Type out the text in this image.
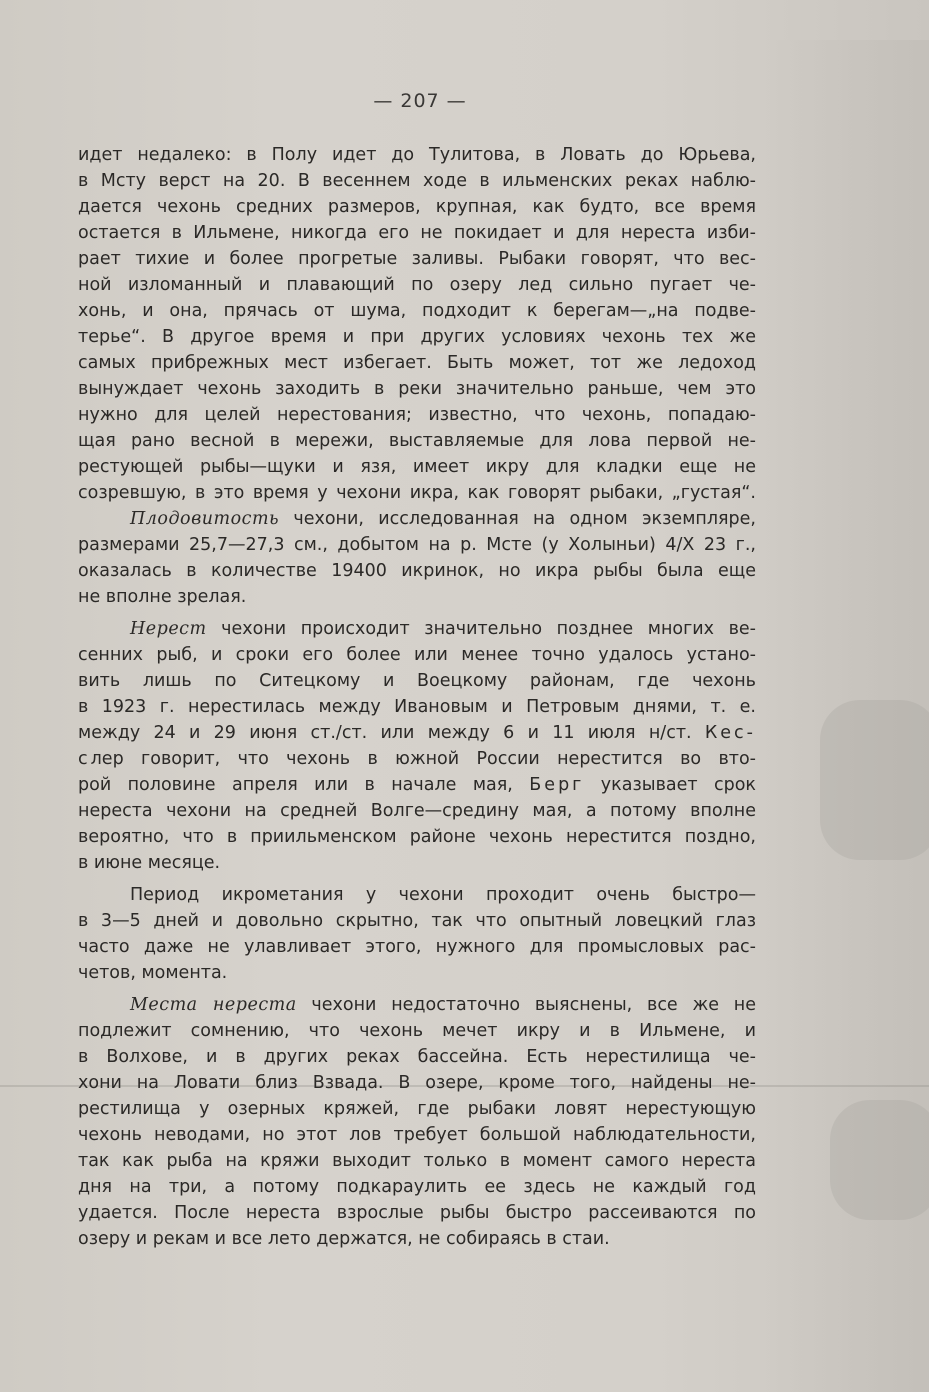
— 207 —
идет недалеко: в Полу идет до Тулитова, в Ловать до Юрьева,
в Мсту верст на 20. В весеннем ходе в ильменских реках наблю-
дается чехонь средних размеров, крупная, как будто, все время
остается в Ильмене, никогда его не покидает и для нереста изби-
рает тихие и более прогретые заливы. Рыбаки говорят, что вес-
ной изломанный и плавающий по озеру лед сильно пугает че-
хонь, и она, прячась от шума, подходит к берегам—„на подве-
терье“. В другое время и при других условиях чехонь тех же
самых прибрежных мест избегает. Быть может, тот же ледоход
вынуждает чехонь заходить в реки значительно раньше, чем это
нужно для целей нерестования; известно, что чехонь, попадаю-
щая рано весной в мережи, выставляемые для лова первой не-
рестующей рыбы—щуки и язя, имеет икру для кладки еще не
созревшую, в это время у чехони икра, как говорят рыбаки, „густая“.
Плодовитость чехони, исследованная на одном экземпляре,
размерами 25,7—27,3 см., добытом на р. Мсте (у Холыньи) 4/X 23 г.,
оказалась в количестве 19400 икринок, но икра рыбы была еще
не вполне зрелая.
Нерест чехони происходит значительно позднее многих ве-
сенних рыб, и сроки его более или менее точно удалось устано-
вить лишь по Ситецкому и Воецкому районам, где чехонь
в 1923 г. нерестилась между Ивановым и Петровым днями, т. е.
между 24 и 29 июня ст./ст. или между 6 и 11 июля н/ст. Кес-
слер говорит, что чехонь в южной России нерестится во вто-
рой половине апреля или в начале мая, Берг указывает срок
нереста чехони на средней Волге—средину мая, а потому вполне
вероятно, что в приильменском районе чехонь нерестится поздно,
в июне месяце.
Период икрометания у чехони проходит очень быстро—
в 3—5 дней и довольно скрытно, так что опытный ловецкий глаз
часто даже не улавливает этого, нужного для промысловых рас-
четов, момента.
Места нереста чехони недостаточно выяснены, все же не
подлежит сомнению, что чехонь мечет икру и в Ильмене, и
в Волхове, и в других реках бассейна. Есть нерестилища че-
хони на Ловати близ Взвада. В озере, кроме того, найдены не-
рестилища у озерных кряжей, где рыбаки ловят нерестующую
чехонь неводами, но этот лов требует большой наблюдательности,
так как рыба на кряжи выходит только в момент самого нереста
дня на три, а потому подкараулить ее здесь не каждый год
удается. После нереста взрослые рыбы быстро рассеиваются по
озеру и рекам и все лето держатся, не собираясь в стаи.
